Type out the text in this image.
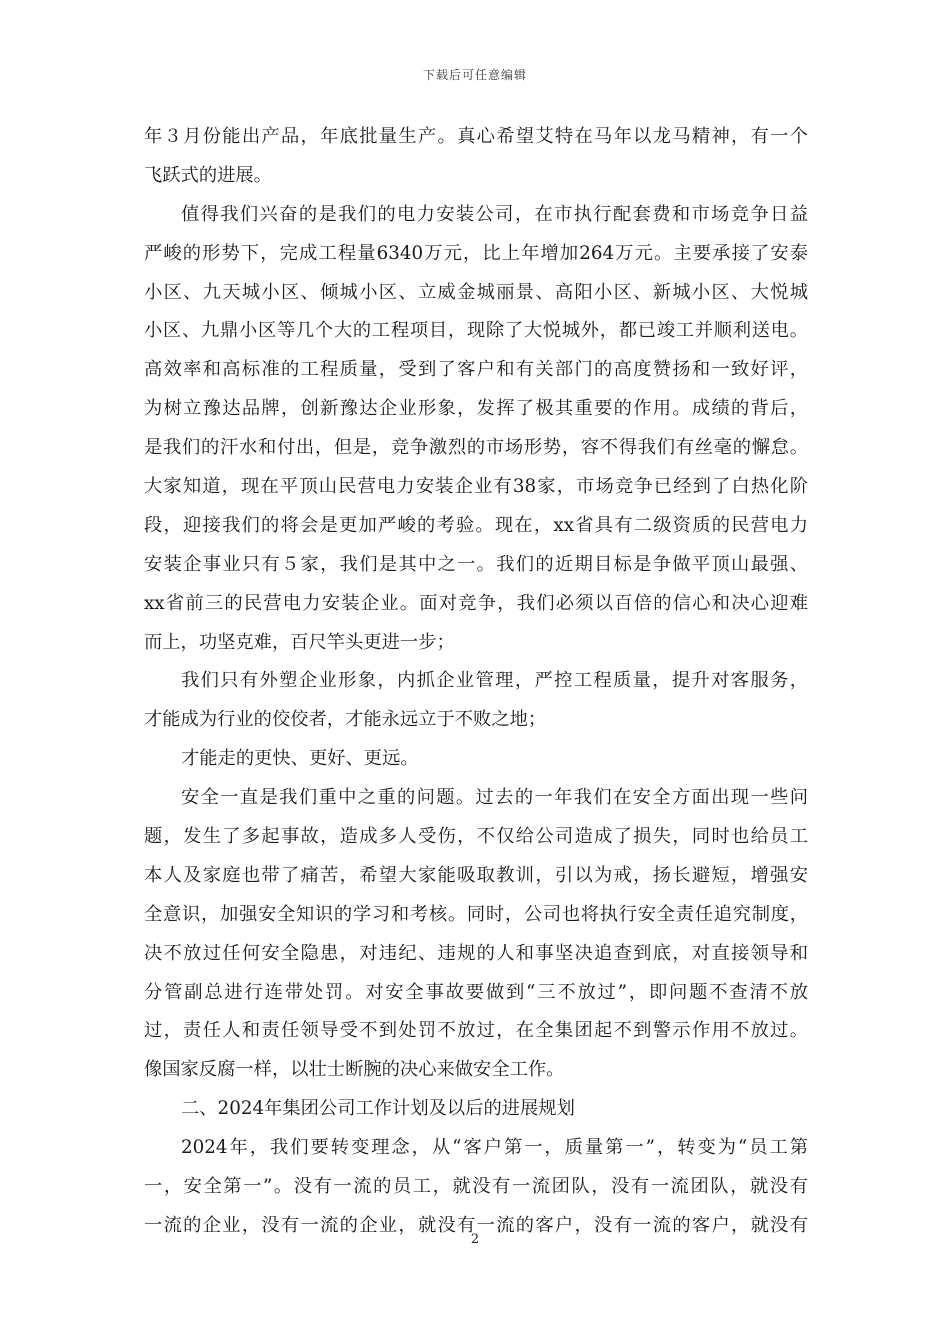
下载后可任意编辑
年３月份能出产品，年底批量生产。真心希望艾特在马年以龙马精神，有一个
飞跃式的进展。
值得我们兴奋的是我们的电力安装公司，在市执行配套费和市场竞争日益
严峻的形势下，完成工程量6340万元，比上年增加264万元。主要承接了安泰
小区、九天城小区、倾城小区、立威金城丽景、高阳小区、新城小区、大悦城
小区、九鼎小区等几个大的工程项目，现除了大悦城外，都已竣工并顺利送电。
高效率和高标准的工程质量，受到了客户和有关部门的高度赞扬和一致好评，
为树立豫达品牌，创新豫达企业形象，发挥了极其重要的作用。成绩的背后，
是我们的汗水和付出，但是，竞争激烈的市场形势，容不得我们有丝毫的懈怠。
大家知道，现在平顶山民营电力安装企业有38家，市场竞争已经到了白热化阶
段，迎接我们的将会是更加严峻的考验。现在，xx省具有二级资质的民营电力
安装企事业只有５家，我们是其中之一。我们的近期目标是争做平顶山最强、
xx省前三的民营电力安装企业。面对竞争，我们必须以百倍的信心和决心迎难
而上，功坚克难，百尺竿头更进一步；
我们只有外塑企业形象，内抓企业管理，严控工程质量，提升对客服务，
才能成为行业的佼佼者，才能永远立于不败之地；
才能走的更快、更好、更远。
安全一直是我们重中之重的问题。过去的一年我们在安全方面出现一些问
题，发生了多起事故，造成多人受伤，不仅给公司造成了损失，同时也给员工
本人及家庭也带了痛苦，希望大家能吸取教训，引以为戒，扬长避短，增强安
全意识，加强安全知识的学习和考核。同时，公司也将执行安全责任追究制度，
决不放过任何安全隐患，对违纪、违规的人和事坚决追查到底，对直接领导和
分管副总进行连带处罚。对安全事故要做到“三不放过”，即问题不查清不放
过，责任人和责任领导受不到处罚不放过，在全集团起不到警示作用不放过。
像国家反腐一样，以壮士断腕的决心来做安全工作。
二、2024年集团公司工作计划及以后的进展规划
2024年，我们要转变理念，从“客户第一，质量第一”，转变为“员工第
一，安全第一”。没有一流的员工，就没有一流团队，没有一流团队，就没有
一流的企业，没有一流的企业，就没有一流的客户，没有一流的客户，就没有
2
